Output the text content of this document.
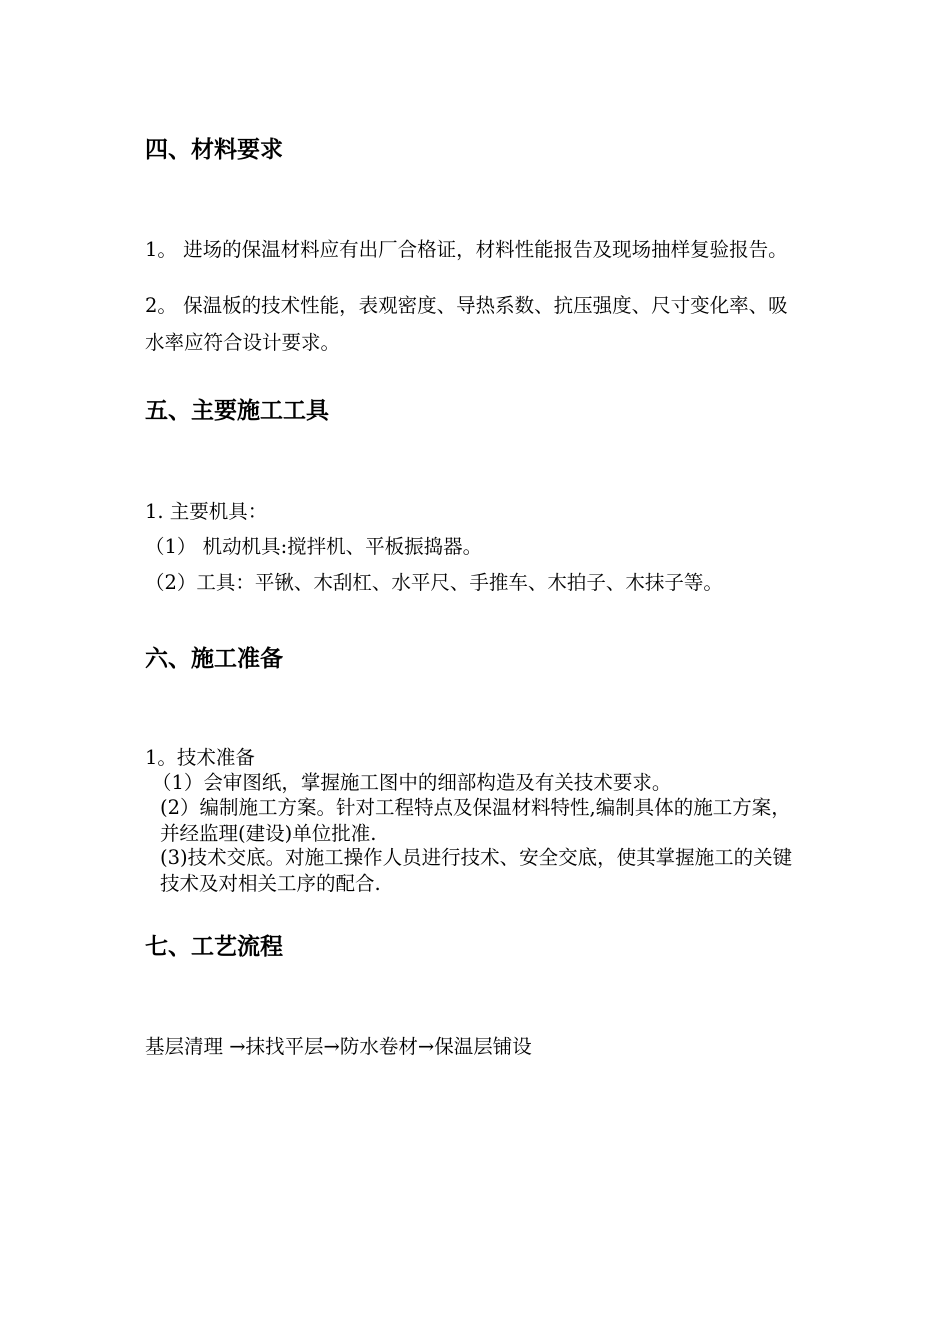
四、材料要求

1。 进场的保温材料应有出厂合格证，材料性能报告及现场抽样复验报告。

2。 保温板的技术性能，表观密度、导热系数、抗压强度、尺寸变化率、吸水率应符合设计要求。

五、主要施工工具

1. 主要机具：

（1） 机动机具:搅拌机、平板振捣器。

（2）工具：平锹、木刮杠、水平尺、手推车、木拍子、木抹子等。

六、施工准备

1。技术准备

（1）会审图纸，掌握施工图中的细部构造及有关技术要求。

(2）编制施工方案。针对工程特点及保温材料特性,编制具体的施工方案，并经监理(建设)单位批准.

(3)技术交底。对施工操作人员进行技术、安全交底，使其掌握施工的关键技术及对相关工序的配合.

七、工艺流程

基层清理 →抹找平层→防水卷材→保温层铺设
